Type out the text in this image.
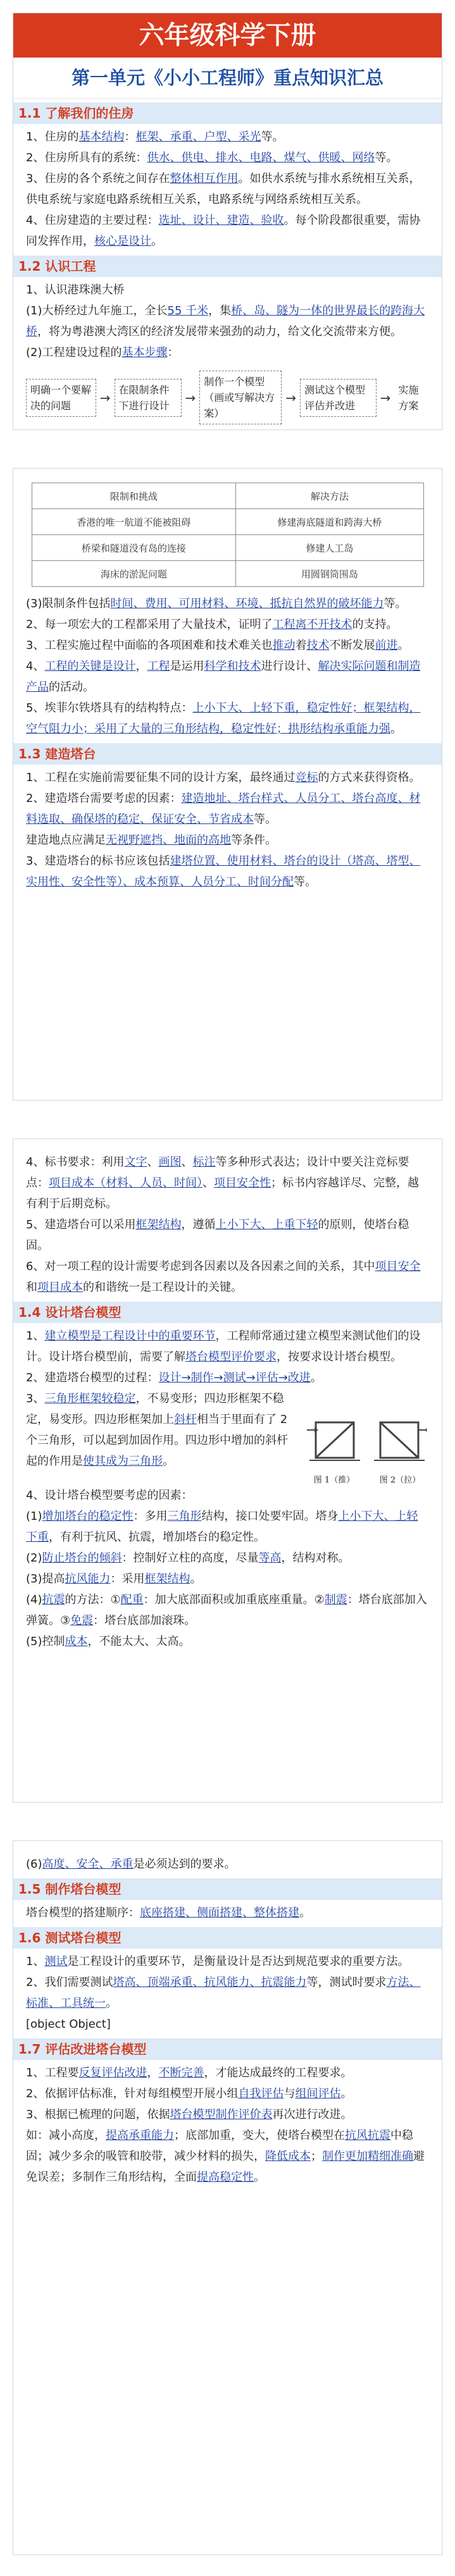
六年级科学下册
第一单元《小小工程师》重点知识汇总
1.1 了解我们的住房

1、住房的基本结构：框架、承重、户型、采光等。

2、住房所具有的系统：供水、供电、排水、电路、煤气、供暖、网络等。

3、住房的各个系统之间存在整体相互作用。如供水系统与排水系统相互关系，供电系统与家庭电路系统相互关系，电路系统与网络系统相互关系。

4、住房建造的主要过程：选址、设计、建造、验收。每个阶段都很重要，需协同发挥作用，核心是设计。

1.2 认识工程
1、认识港珠澳大桥

(1)大桥经过九年施工，全长55 千米，集桥、岛、隧为一体的世界最长的跨海大桥，将为粤港澳大湾区的经济发展带来强劲的动力，给文化交流带来方便。

(2)工程建设过程的基本步骤：

明确一个要解决的问题
→
在限制条件下进行设计
→
制作一个模型（画或写解决方案）
→
测试这个模型评估并改进
→
实施方案
限制和挑战	解决方法
香港的唯一航道不能被阻碍	修建海底隧道和跨海大桥
桥梁和隧道没有岛的连接	修建人工岛
海床的淤泥问题	用圆钢筒围岛

(3)限制条件包括时间、费用、可用材料、环境、抵抗自然界的破坏能力等。

2、每一项宏大的工程都采用了大量技术，证明了工程离不开技术的支持。

3、工程实施过程中面临的各项困难和技术难关也推动着技术不断发展前进。

4、工程的关键是设计，工程是运用科学和技术进行设计、解决实际问题和制造产品的活动。

5、埃菲尔铁塔具有的结构特点：上小下大、上轻下重，稳定性好；框架结构，空气阻力小；采用了大量的三角形结构，稳定性好；拱形结构承重能力强。

1.3 建造塔台

1、工程在实施前需要征集不同的设计方案，最终通过竞标的方式来获得资格。

2、建造塔台需要考虑的因素：建造地址、塔台样式、人员分工、塔台高度、材料选取、确保塔的稳定、保证安全、节省成本等。

建造地点应满足无视野遮挡、地面的高地等条件。

3、建造塔台的标书应该包括建塔位置、使用材料、塔台的设计（塔高、塔型、实用性、安全性等）、成本预算、人员分工、时间分配等。

4、标书要求：利用文字、画图、标注等多种形式表达；设计中要关注竞标要点：项目成本（材料、人员、时间）、项目安全性；标书内容越详尽、完整，越有利于后期竞标。

5、建造塔台可以采用框架结构，遵循上小下大、上重下轻的原则，使塔台稳固。

6、对一项工程的设计需要考虑到各因素以及各因素之间的关系，其中项目安全和项目成本的和谐统一是工程设计的关键。

1.4 设计塔台模型

1、建立模型是工程设计中的重要环节，工程师常通过建立模型来测试他们的设计。设计塔台模型前，需要了解塔台模型评价要求，按要求设计塔台模型。

2、建造塔台模型的过程：设计→制作→测试→评估→改进。

3、三角形框架较稳定，不易变形；四边形框架不稳定，易变形。四边形框架加上斜杆相当于里面有了 2 个三角形，可以起到加固作用。四边形中增加的斜杆起的作用是使其成为三角形。

图 1（推）	图 2（拉）

4、设计塔台模型要考虑的因素：

(1)增加塔台的稳定性：多用三角形结构，接口处要牢固。塔身上小下大、上轻下重，有利于抗风、抗震，增加塔台的稳定性。

(2)防止塔台的倾斜：控制好立柱的高度，尽量等高，结构对称。

(3)提高抗风能力：采用框架结构。

(4)抗震的方法：①配重：加大底部面积或加重底座重量。②制震：塔台底部加入弹簧。③免震：塔台底部加滚珠。

(5)控制成本，不能太大、太高。

(6)高度、安全、承重是必须达到的要求。

1.5 制作塔台模型

塔台模型的搭建顺序：底座搭建、侧面搭建、整体搭建。

1.6 测试塔台模型

1、测试是工程设计的重要环节，是衡量设计是否达到规范要求的重要方法。

2、我们需要测试塔高、顶端承重、抗风能力、抗震能力等，测试时要求方法、标准、工具统一。

[object Object]

1.7 评估改进塔台模型

1、工程要反复评估改进，不断完善，才能达成最终的工程要求。

2、依据评估标准，针对每组模型开展小组自我评估与组间评估。

3、根据已梳理的问题，依据塔台模型制作评价表再次进行改进。

如：减小高度，提高承重能力；底部加重，变大，使塔台模型在抗风抗震中稳固；减少多余的吸管和胶带，减少材料的损失，降低成本；制作更加精细准确避免误差；多制作三角形结构，全面提高稳定性。
